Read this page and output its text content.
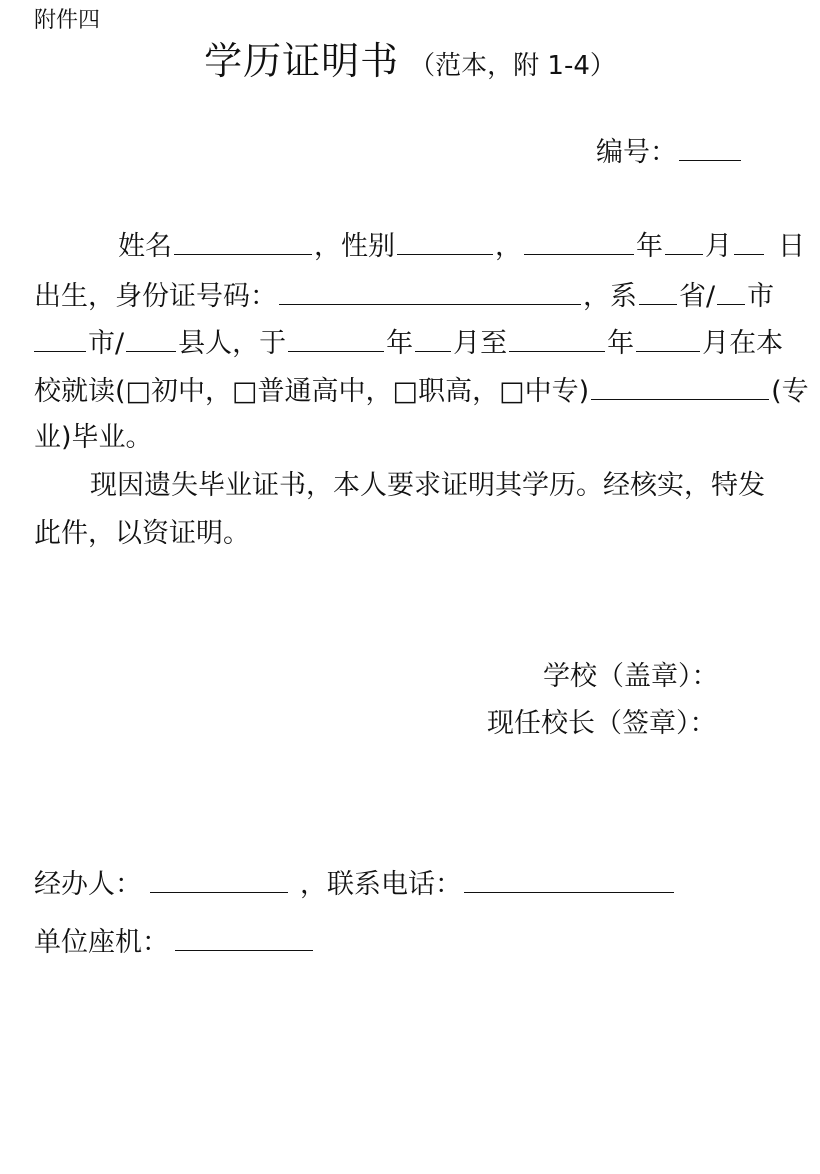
附件四
学历证明书 （范本，附 1-4）
编号：
姓名	，性别	，	年 月 日
出生，身份证号码：	，系 省/ 市
市/ 县人，于	年 月至	年	月在本
校就读(□初中，□普通高中，□职高，□中专)	(专
业)毕业。
现因遗失毕业证书，本人要求证明其学历。经核实，特发
此件，以资证明。
学校（盖章）：
现任校长（签章）：
经办人：	，联系电话：
单位座机：
